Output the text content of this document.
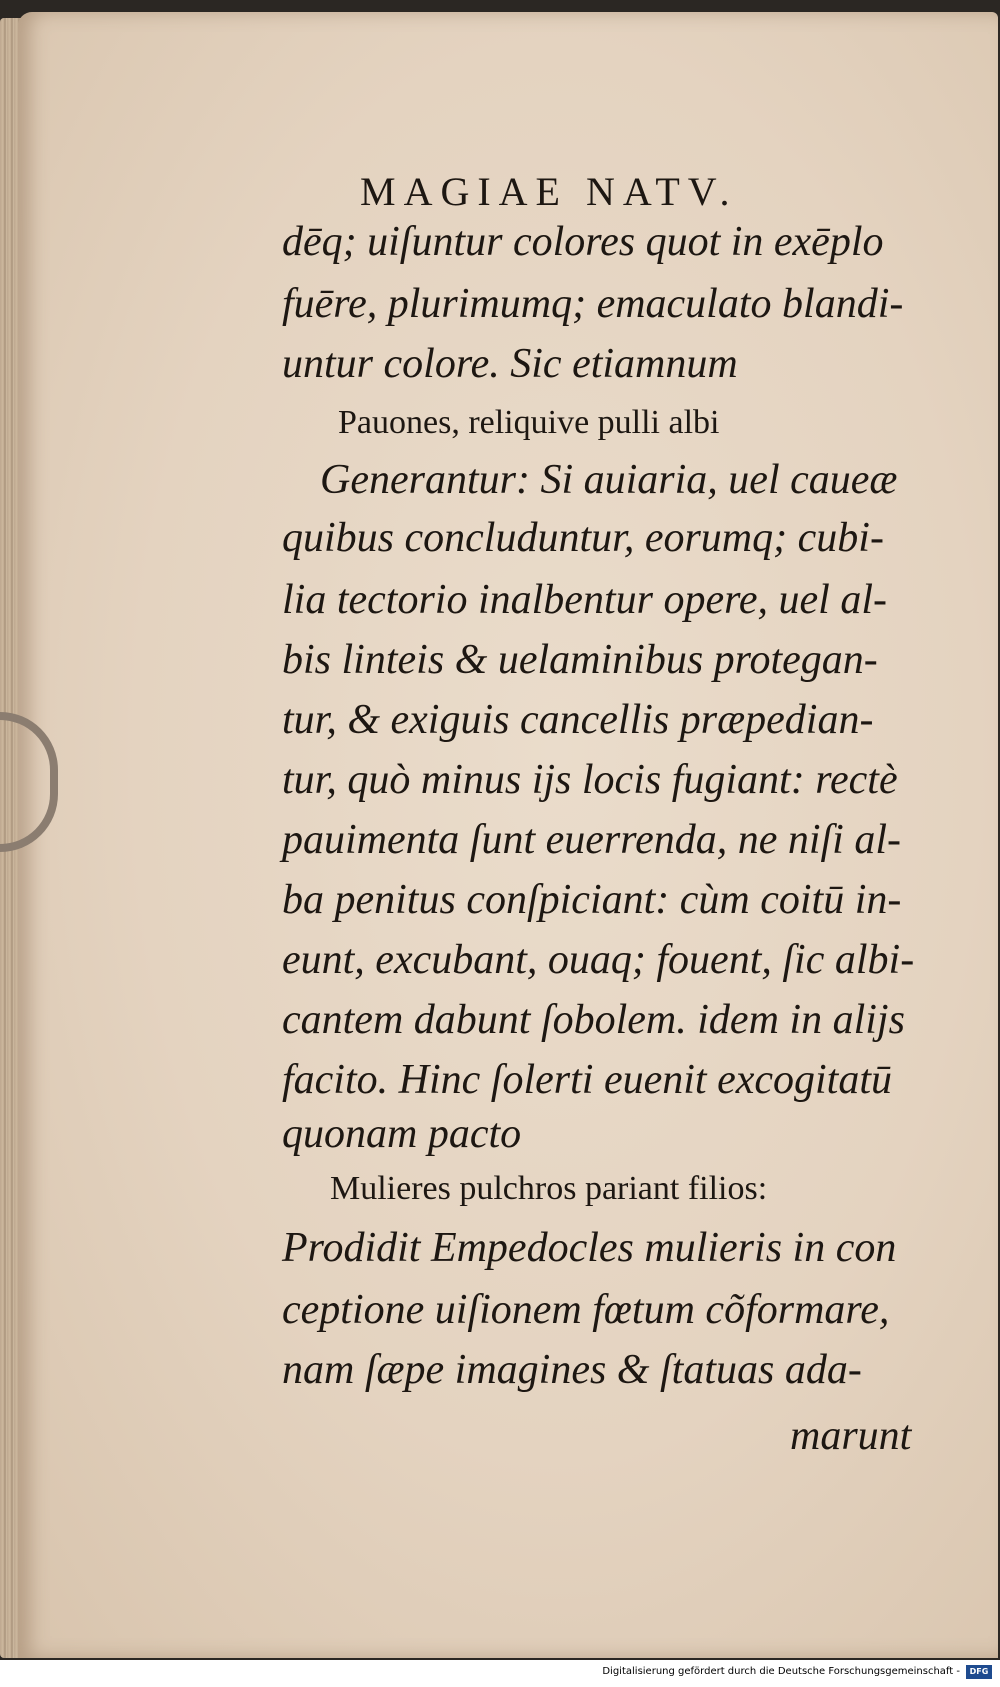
MAGIAE NATV.
dēq; uiſuntur colores quot in exēplo
fuēre, plurimumq; emaculato blandi-
untur colore. Sic etiamnum
Pauones, reliquive pulli albi
Generantur: Si auiaria, uel caueæ
quibus concluduntur, eorumq; cubi-
lia tectorio inalbentur opere, uel al-
bis linteis & uelaminibus protegan-
tur, & exiguis cancellis præpedian-
tur, quò minus ijs locis fugiant: rectè
pauimenta ſunt euerrenda, ne niſi al-
ba penitus conſpiciant: cùm coitū in-
eunt, excubant, ouaq; fouent, ſic albi-
cantem dabunt ſobolem. idem in alijs
facito. Hinc ſolerti euenit excogitatū
quonam pacto
Mulieres pulchros pariant filios:
Prodidit Empedocles mulieris in con
ceptione uiſionem fœtum cõformare,
nam ſæpe imagines & ſtatuas ada-
marunt
Digitalisierung gefördert durch die Deutsche Forschungsgemeinschaft -	DFG
